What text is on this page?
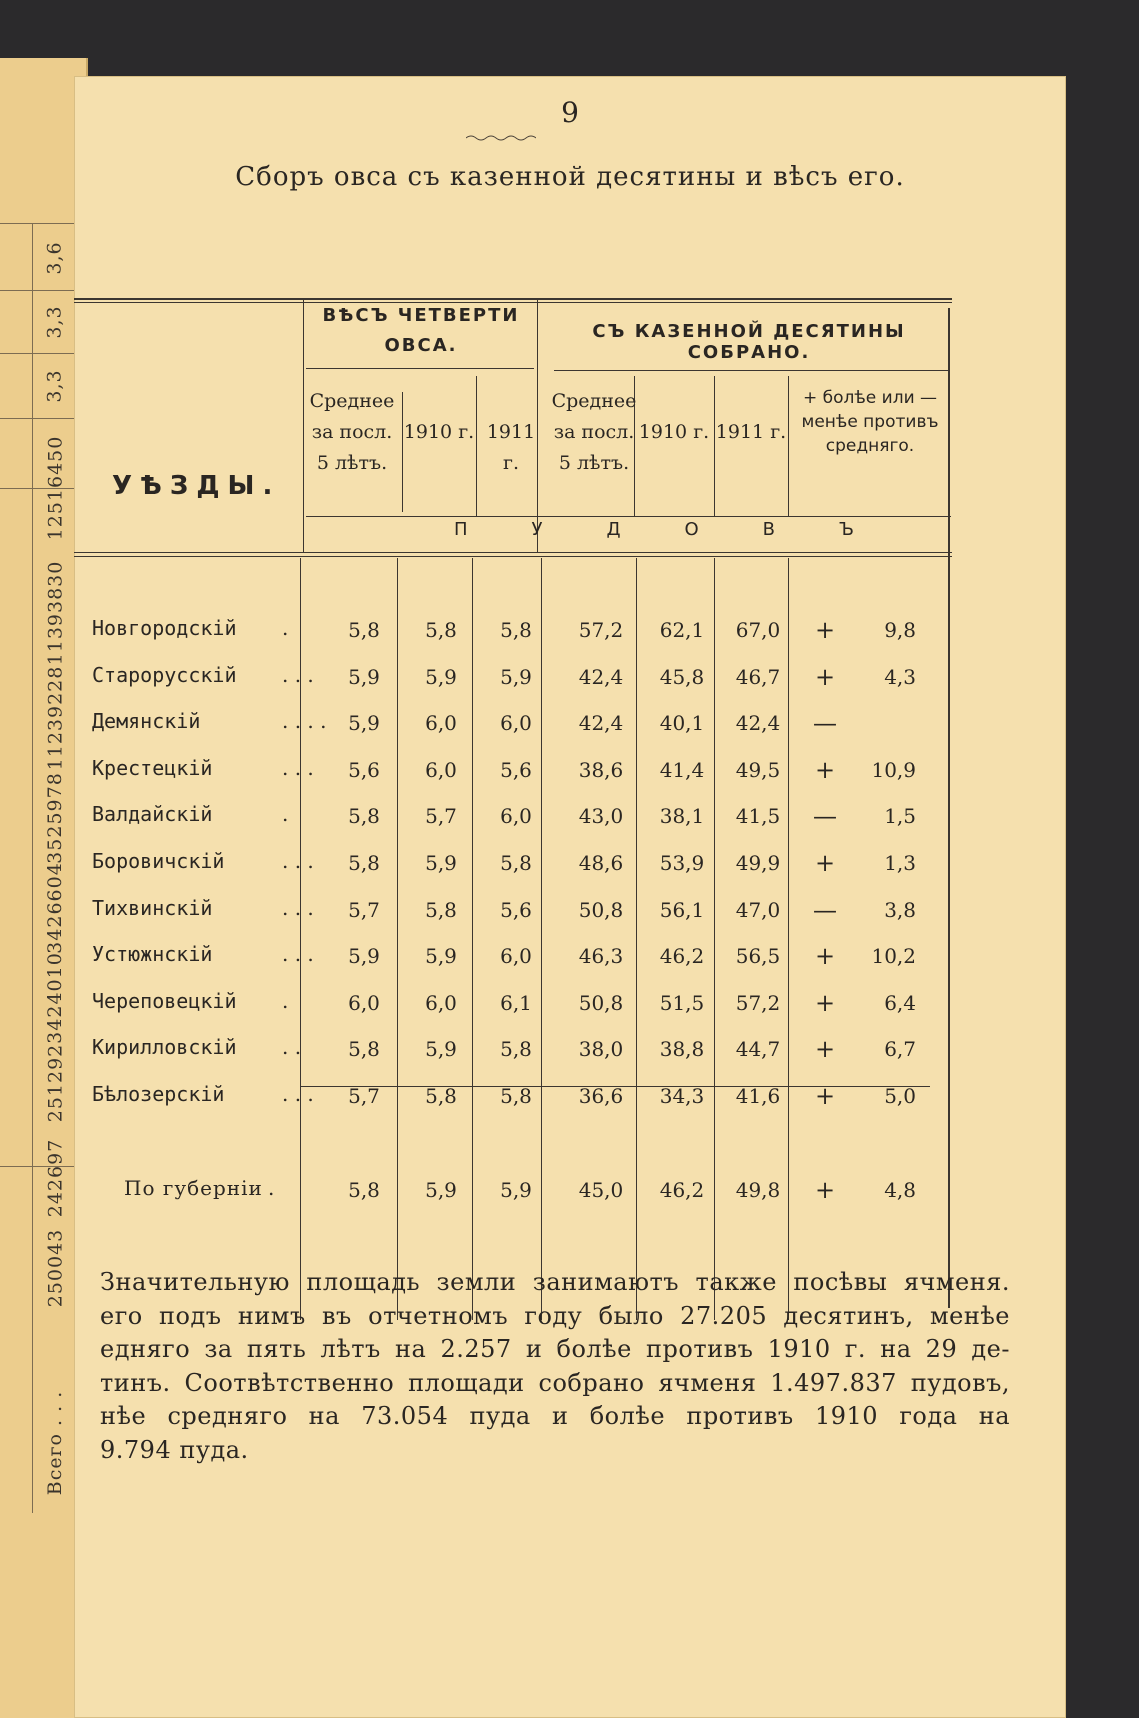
3,6
3,3
3,3
12516450
11393830
11239228
3525978
3426604
3424010
251292
242697
250043
Всего . . .
9
Сборъ овса съ казенной десятины и вѣсъ его.
УѢЗДЫ.
ВѢСЪ ЧЕТВЕРТИ ОВСА.
СЪ КАЗЕННОЙ ДЕСЯТИНЫ СОБРАНО.
Среднее за посл. 5 лѣтъ.
1910 г. 1911 г.
Среднее за посл. 5 лѣтъ.
1910 г. 1911 г.
+ болѣе или — менѣе противъ средняго.
П	У	Д	О	В	Ъ
Новгородскій	.	5,8	5,8	5,8	57,2	62,1	67,0	+	9,8
Старорусскій	. . .	5,9	5,9	5,9	42,4	45,8	46,7	+	4,3
Демянскій	. . . .	5,9	6,0	6,0	42,4	40,1	42,4	—
Крестецкій	. . .	5,6	6,0	5,6	38,6	41,4	49,5	+	10,9
Валдайскій	.	5,8	5,7	6,0	43,0	38,1	41,5	—	1,5
Боровичскій	. . .	5,8	5,9	5,8	48,6	53,9	49,9	+	1,3
Тихвинскій	. . .	5,7	5,8	5,6	50,8	56,1	47,0	—	3,8
Устюжнскій	. . .	5,9	5,9	6,0	46,3	46,2	56,5	+	10,2
Череповецкій	.	6,0	6,0	6,1	50,8	51,5	57,2	+	6,4
Кирилловскій	. .	5,8	5,9	5,8	38,0	38,8	44,7	+	6,7
Бѣлозерскій	. . .	5,7	5,8	5,8	36,6	34,3	41,6	+	5,0
По губерніи .	5,8	5,9	5,9	45,0	46,2	49,8	+	4,8

Значительную площадь земли занимаютъ также посѣвы ячменя.

его подъ нимъ въ отчетномъ году было 27.205 десятинъ, менѣе

едняго за пять лѣтъ на 2.257 и болѣе противъ 1910 г. на 29 де-

тинъ. Соотвѣтственно площади собрано ячменя 1.497.837 пудовъ,

нѣе средняго на 73.054 пуда и болѣе противъ 1910 года на

9.794 пуда.
